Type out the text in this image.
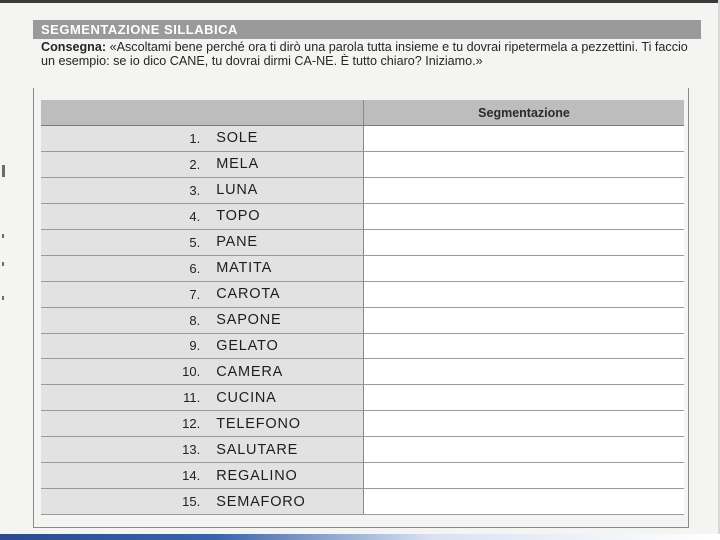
SEGMENTAZIONE SILLABICA
Consegna: «Ascoltami bene perché ora ti dirò una parola tutta insieme e tu dovrai ripetermela a pezzettini. Ti faccio un esempio: se io dico CANE, tu dovrai dirmi CA-NE. È tutto chiaro? Iniziamo.»
		Segmentazione
1.	SOLE	
2.	MELA	
3.	LUNA	
4.	TOPO	
5.	PANE	
6.	MATITA	
7.	CAROTA	
8.	SAPONE	
9.	GELATO	
10.	CAMERA	
11.	CUCINA	
12.	TELEFONO	
13.	SALUTARE	
14.	REGALINO	
15.	SEMAFORO	
